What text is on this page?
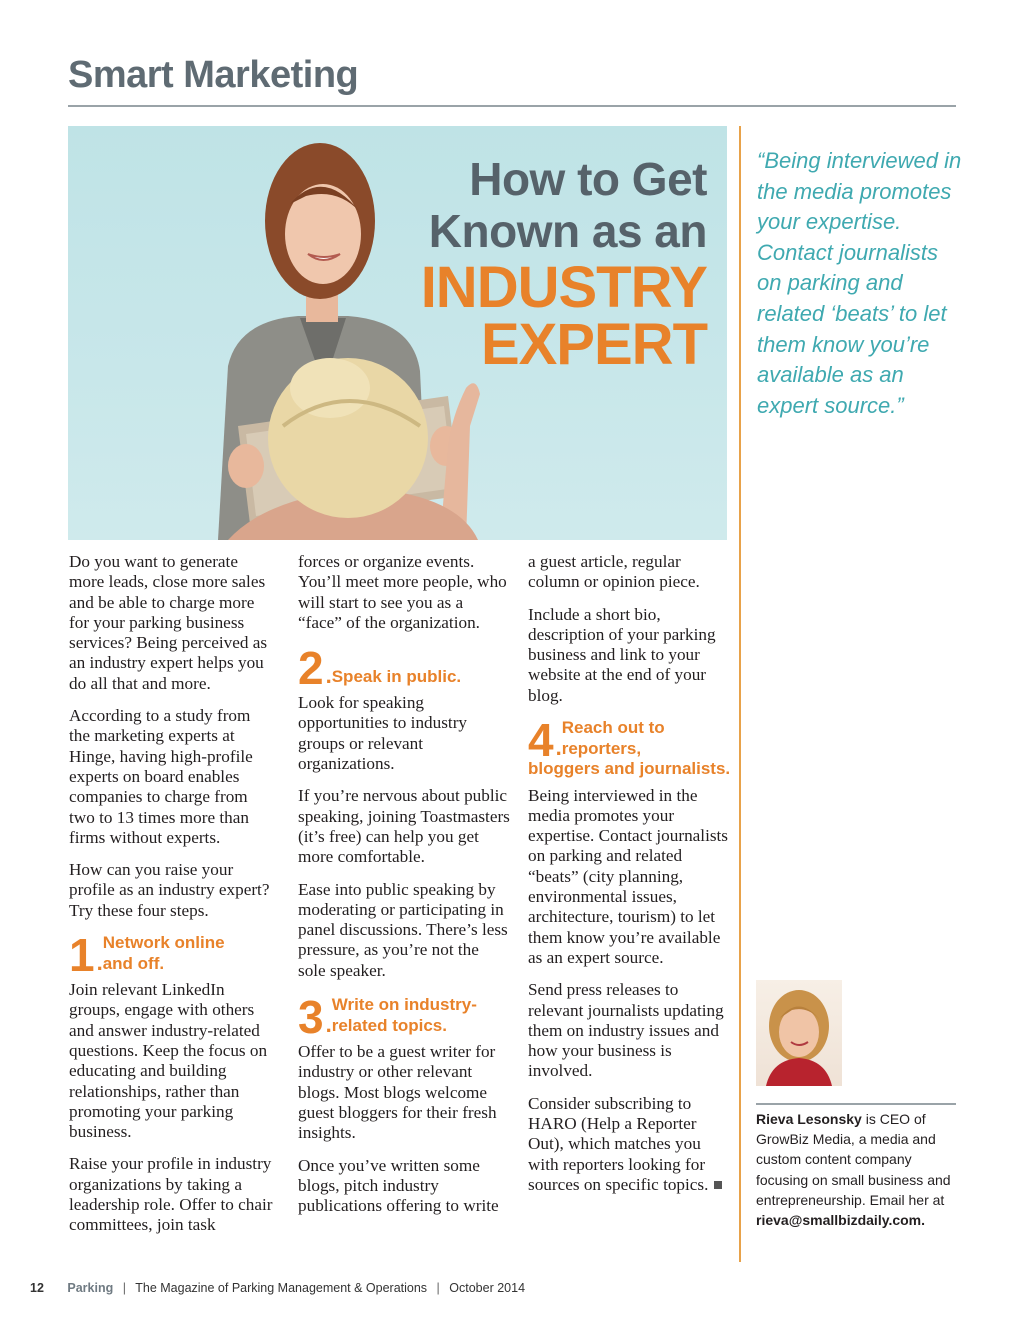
Smart Marketing
How to Get
Known as an
INDUSTRY
EXPERT
“Being interviewed in the media promotes your expertise. Contact journalists on parking and related ‘beats’ to let them know you’re available as an expert source.”

Do you want to generate more leads, close more sales and be able to charge more for your parking business services? Being perceived as an industry expert helps you do all that and more.

According to a study from the marketing experts at Hinge, having high-profile experts on board enables companies to charge from two to 13 times more than firms without experts.

How can you raise your profile as an industry expert? Try these four steps.

1 .
Network online
and off.

Join relevant LinkedIn groups, engage with others and answer industry-related questions. Keep the focus on educating and building relationships, rather than promoting your parking business.

Raise your profile in industry organizations by taking a leadership role. Offer to chair committees, join task

forces or organize events. You’ll meet more people, who will start to see you as a “face” of the organization.

2 . Speak in public.

Look for speaking opportunities to industry groups or relevant organizations.

If you’re nervous about public speaking, joining Toastmasters (it’s free) can help you get more comfortable.

Ease into public speaking by moderating or participating in panel discussions. There’s less pressure, as you’re not the sole speaker.

3 .
Write on industry-
related topics.

Offer to be a guest writer for industry or other relevant blogs. Most blogs welcome guest bloggers for their fresh insights.

Once you’ve written some blogs, pitch industry publications offering to write

a guest article, regular column or opinion piece.

Include a short bio, description of your parking business and link to your website at the end of your blog.

4 .
Reach out to
reporters,
bloggers and journalists.

Being interviewed in the media promotes your expertise. Contact journalists on parking and related “beats” (city planning, environmental issues, architecture, tourism) to let them know you’re available as an expert source.

Send press releases to relevant journalists updating them on industry issues and how your business is involved.

Consider subscribing to HARO (Help a Reporter Out), which matches you with reporters looking for sources on specific topics.

Rieva Lesonsky is CEO of GrowBiz Media, a media and custom content company focusing on small business and entrepreneurship. Email her at rieva@smallbizdaily.com.
12 Parking | The Magazine of Parking Management & Operations | October 2014
